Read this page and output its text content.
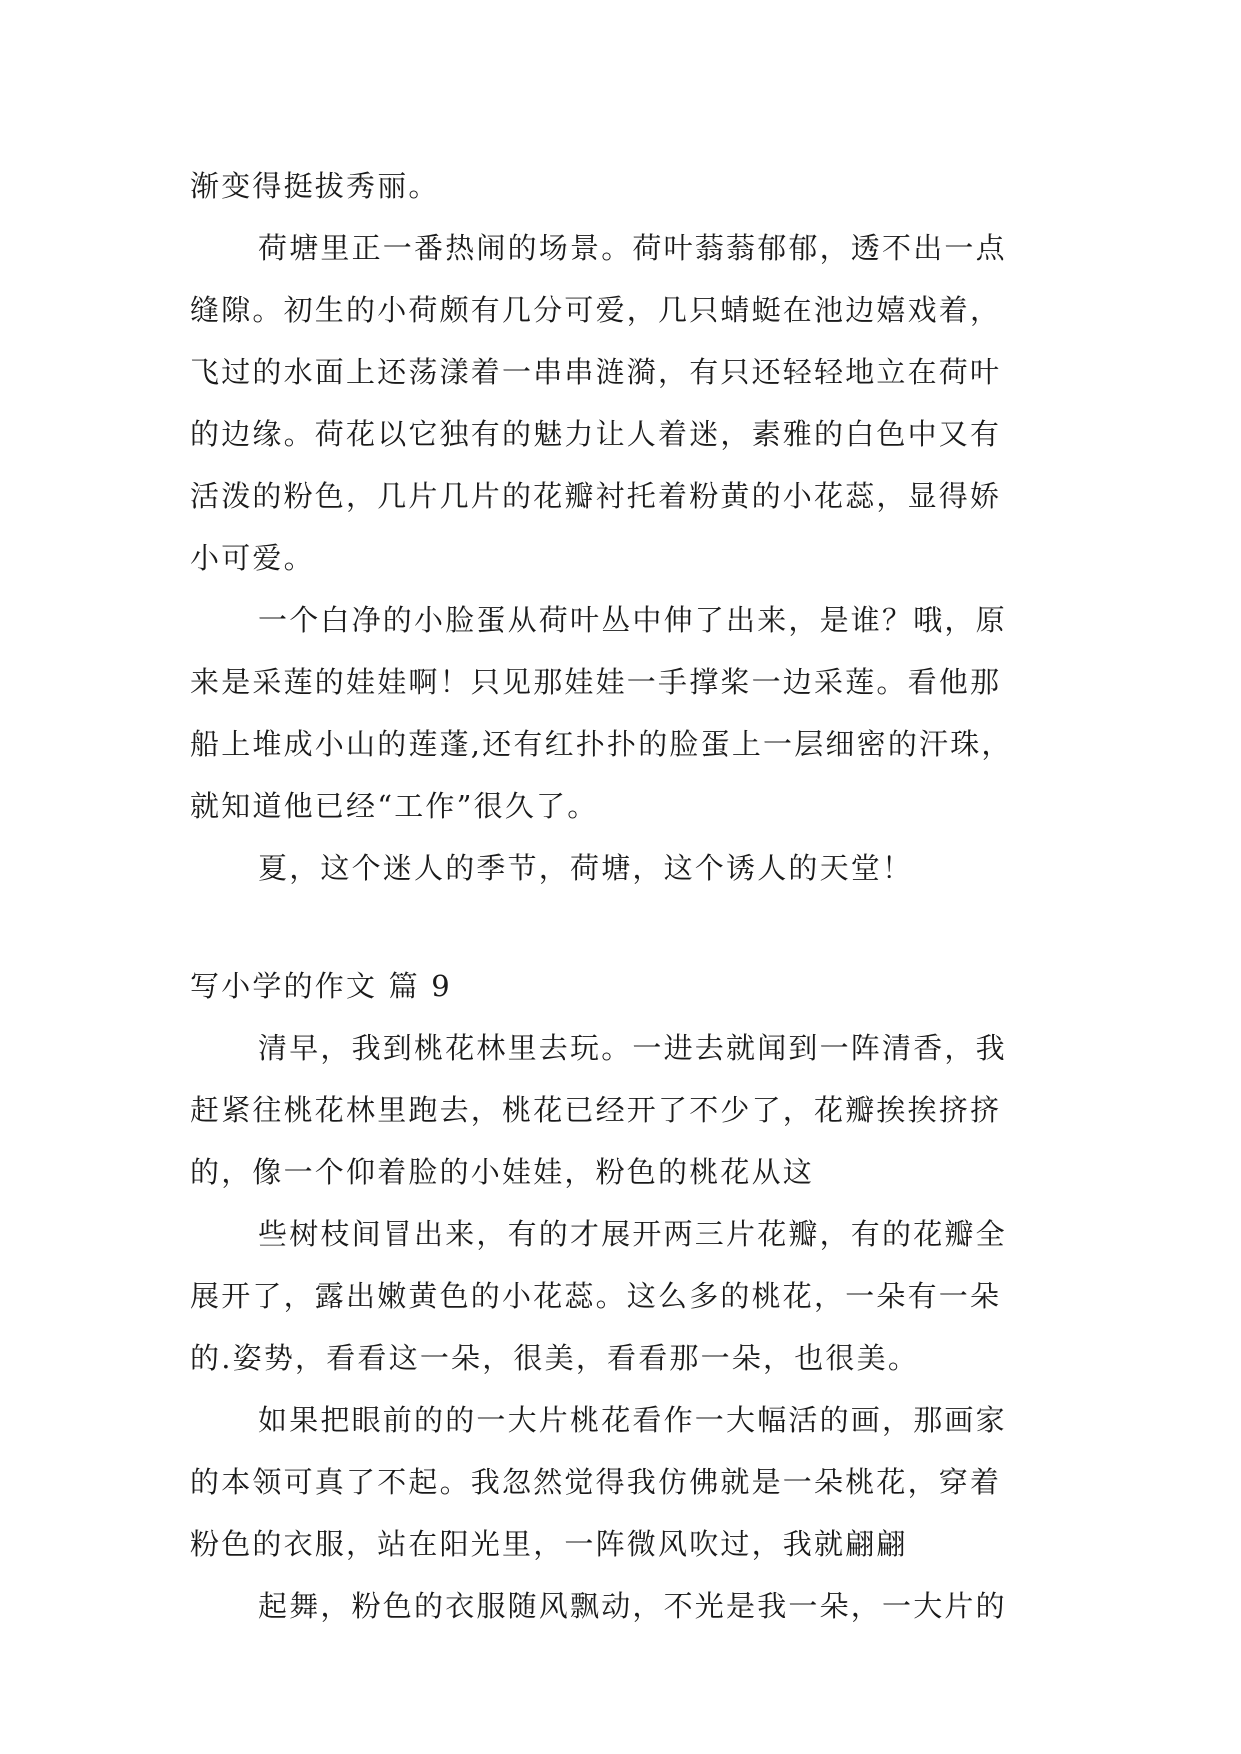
渐变得挺拔秀丽。
荷塘里正一番热闹的场景。荷叶蓊蓊郁郁，透不出一点
缝隙。初生的小荷颇有几分可爱，几只蜻蜓在池边嬉戏着，
飞过的水面上还荡漾着一串串涟漪，有只还轻轻地立在荷叶
的边缘。荷花以它独有的魅力让人着迷，素雅的白色中又有
活泼的粉色，几片几片的花瓣衬托着粉黄的小花蕊，显得娇
小可爱。
一个白净的小脸蛋从荷叶丛中伸了出来，是谁？哦，原
来是采莲的娃娃啊！只见那娃娃一手撑桨一边采莲。看他那
船上堆成小山的莲蓬,还有红扑扑的脸蛋上一层细密的汗珠，
就知道他已经“工作”很久了。
夏，这个迷人的季节，荷塘，这个诱人的天堂！
写小学的作文 篇 9
清早，我到桃花林里去玩。一进去就闻到一阵清香，我
赶紧往桃花林里跑去，桃花已经开了不少了，花瓣挨挨挤挤
的，像一个仰着脸的小娃娃，粉色的桃花从这
些树枝间冒出来，有的才展开两三片花瓣，有的花瓣全
展开了，露出嫩黄色的小花蕊。这么多的桃花，一朵有一朵
的.姿势，看看这一朵，很美，看看那一朵，也很美。
如果把眼前的的一大片桃花看作一大幅活的画，那画家
的本领可真了不起。我忽然觉得我仿佛就是一朵桃花，穿着
粉色的衣服，站在阳光里，一阵微风吹过，我就翩翩
起舞，粉色的衣服随风飘动，不光是我一朵，一大片的
